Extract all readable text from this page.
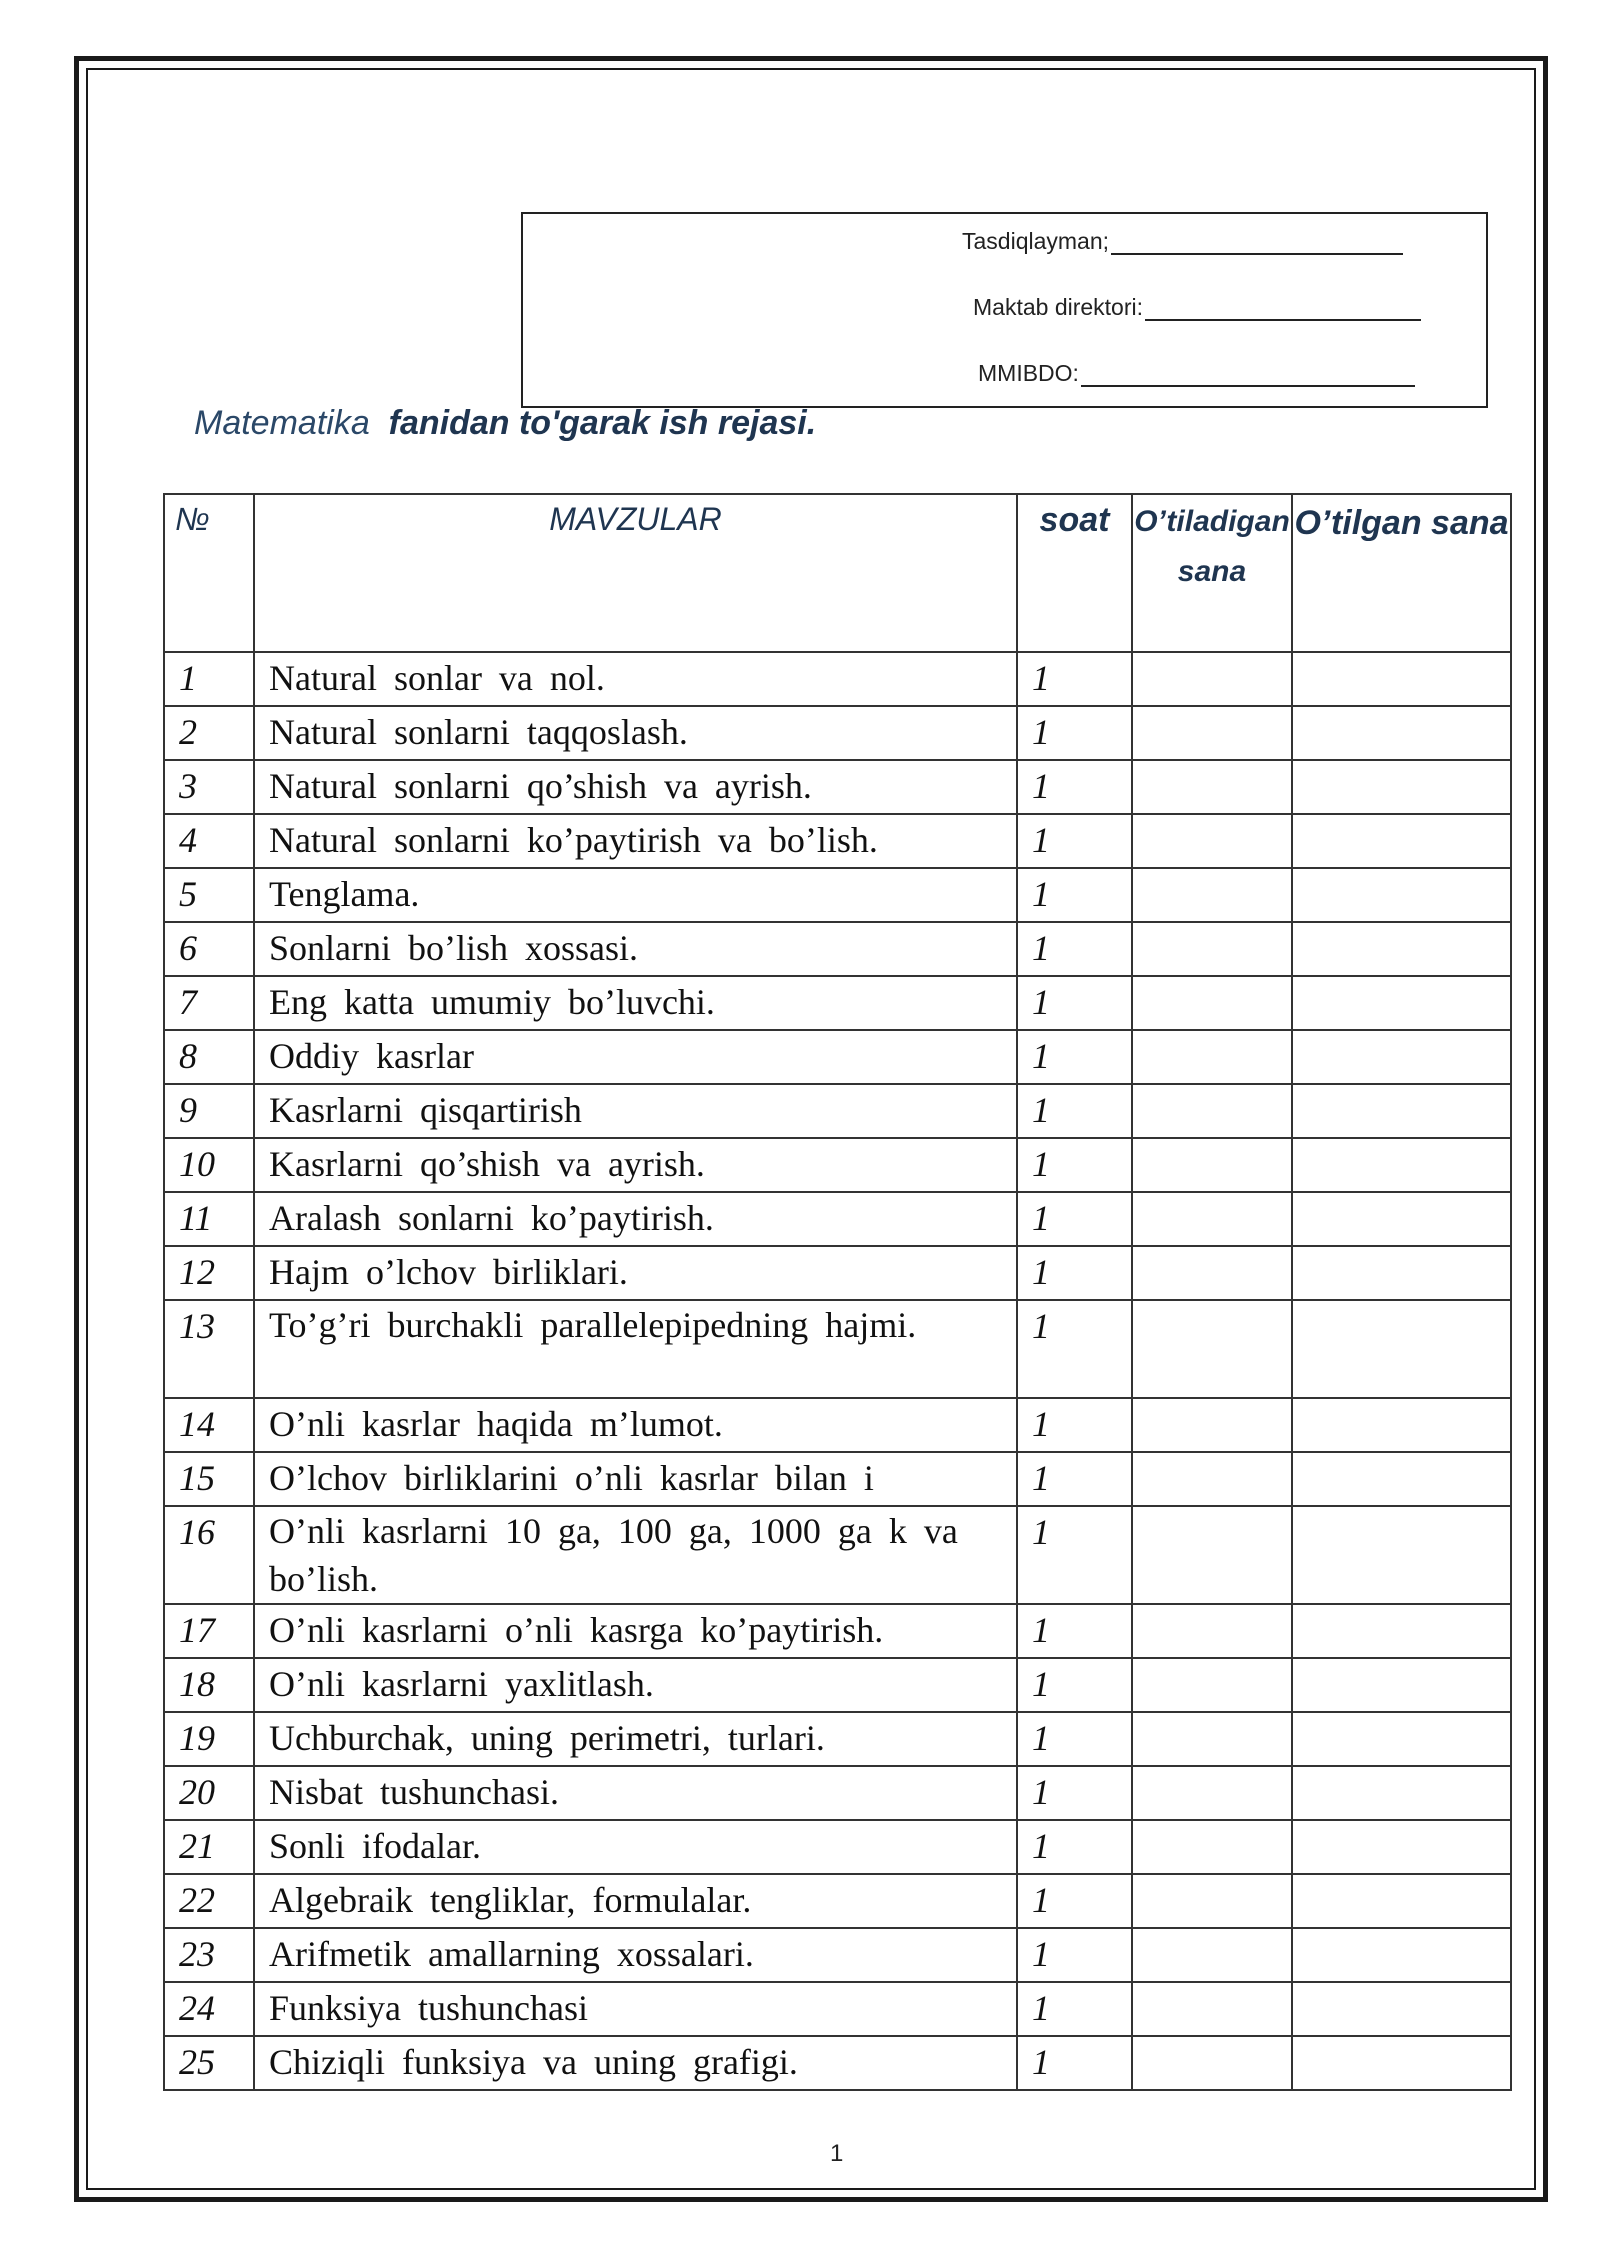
Tasdiqlayman;
Maktab direktori:
MMIBDO:
Matematika fanidan to'garak ish rejasi.
№	MAVZULAR	soat	O’tiladigan sana	O’tilgan sana
1	Natural sonlar va nol.	1		
2	Natural sonlarni taqqoslash.	1		
3	Natural sonlarni qo’shish va ayrish.	1		
4	Natural sonlarni ko’paytirish va bo’lish.	1		
5	Tenglama.	1		
6	Sonlarni bo’lish xossasi.	1		
7	Eng katta umumiy bo’luvchi.	1		
8	Oddiy kasrlar	1		
9	Kasrlarni qisqartirish	1		
10	Kasrlarni qo’shish va ayrish.	1		
11	Aralash sonlarni ko’paytirish.	1		
12	Hajm o’lchov birliklari.	1		
13	To’g’ri burchakli parallelepipedning hajmi.	1		
14	O’nli kasrlar haqida m’lumot.	1		
15	O’lchov birliklarini o’nli kasrlar bilan i	1		
16	O’nli kasrlarni 10 ga, 100 ga, 1000 ga k va bo’lish.	1		
17	O’nli kasrlarni o’nli kasrga ko’paytirish.	1		
18	O’nli kasrlarni yaxlitlash.	1		
19	Uchburchak, uning perimetri, turlari.	1		
20	Nisbat tushunchasi.	1		
21	Sonli ifodalar.	1		
22	Algebraik tengliklar, formulalar.	1		
23	Arifmetik amallarning xossalari.	1		
24	Funksiya tushunchasi	1		
25	Chiziqli funksiya va uning grafigi.	1		
1
